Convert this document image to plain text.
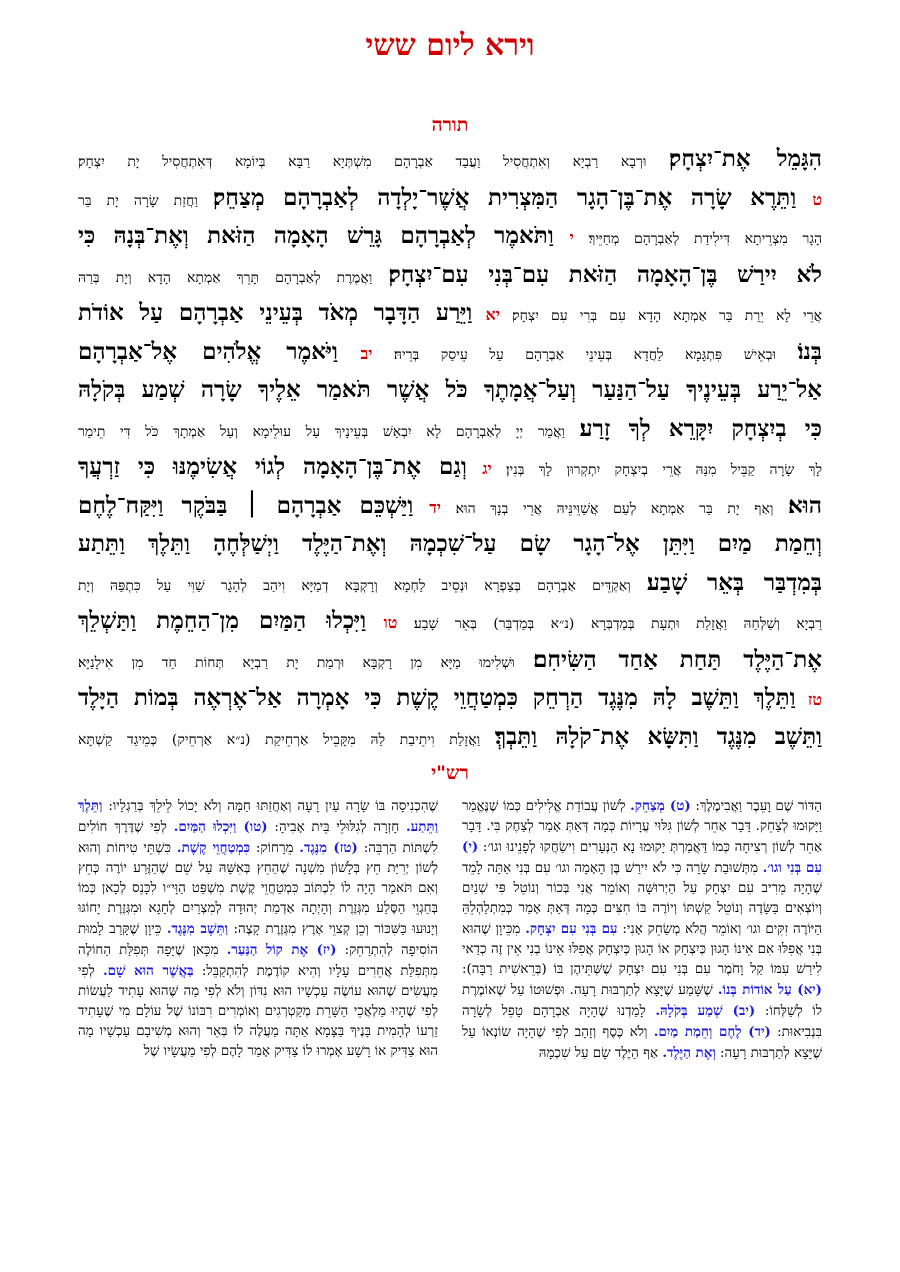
וירא ליום ששי
תורה
הִגָּמֵל אֶת־יִצְחָק׃ וּרְבָא רַבְיָא וְאִתְחֲסִיל וַעֲבַד אַבְרָהָם מִשְׁתְּיָא רַבָּא בְּיוֹמָא דְּאִתְחֲסִיל יָת יִצְחָק׃
ט וַתֵּרֶא שָׂרָה אֶת־בֶּן־הָגָר הַמִּצְרִית אֲשֶׁר־יָלְדָה לְאַבְרָהָם מְצַחֵק׃ וַחֲזַת שָׂרָה יָת בַּר
הָגָר מִצְרֵיתָא דִּילִידַת לְאַבְרָהָם מְחַיֵּיךְ׃ י וַתֹּאמֶר לְאַבְרָהָם גָּרֵשׁ הָאָמָה הַזֹּאת וְאֶת־בְּנָהּ כִּי
לֹא יִירַשׁ בֶּן־הָאָמָה הַזֹּאת עִם־בְּנִי עִם־יִצְחָק׃ וַאֲמֶרֶת לְאַבְרָהָם תָּרֵךְ אַמְתָא הָדָא וְיָת בְּרַהּ
אֲרֵי לָא יֵרַת בַּר אַמְתָא הָדָא עִם בְּרִי עִם יִצְחָק׃ יא וַיֵּרַע הַדָּבָר מְאֹד בְּעֵינֵי אַבְרָהָם עַל אוֹדֹת
בְּנוֹ׃ וּבְאֵישׁ פִּתְגָּמָא לַחֲדָא בְּעֵינֵי אַבְרָהָם עַל עֵיסַק בְּרֵיהּ׃ יב וַיֹּאמֶר אֱלֹהִים אֶל־אַבְרָהָם
אַל־יֵרַע בְּעֵינֶיךָ עַל־הַנַּעַר וְעַל־אֲמָתֶךָ כֹּל אֲשֶׁר תֹּאמַר אֵלֶיךָ שָׂרָה שְׁמַע בְּקֹלָהּ
כִּי בְיִצְחָק יִקָּרֵא לְךָ זָרַע׃ וַאֲמַר יְיָ לְאַבְרָהָם לָא יִבְאַשׁ בְּעֵינָיךְ עַל עוּלֵימָא וְעַל אַמְתָךְ כֹּל דִּי תֵימַר
לָךְ שָׂרָה קַבֵּיל מִנַּהּ אֲרֵי בְיִצְחָק יִתְקְרוּן לָךְ בְּנִין׃ יג וְגַם אֶת־בֶּן־הָאָמָה לְגוֹי אֲשִׂימֶנּוּ כִּי זַרְעֲךָ
הוּא׃ וְאַף יָת בַּר אַמְתָא לְעַם אֲשַׁוֵּינֵּיהּ אֲרֵי בְנָךְ הוּא׃ יד וַיַּשְׁכֵּם אַבְרָהָם ׀ בַּבֹּקֶר וַיִּקַּח־לֶחֶם
וְחֵמַת מַיִם וַיִּתֵּן אֶל־הָגָר שָׂם עַל־שִׁכְמָהּ וְאֶת־הַיֶּלֶד וַיְשַׁלְּחֶהָ וַתֵּלֶךְ וַתֵּתַע
בְּמִדְבַּר בְּאֵר שָׁבַע׃ וְאַקְדֵּים אַבְרָהָם בְּצַפְרָא וּנְסֵיב לַחְמָא וְרָקְבָּא דְמַיָּא וִיהַב לְהָגָר שַׁוִּי עַל כִּתְפַּהּ וְיָת
רַבְיָא וְשַׁלְּחַהּ וַאֲזָלַת וּתְעָת בְּמַדְבְּרָא (נ״א בְּמַדְבַּר) בְּאֵר שָׁבַע׃ טו וַיִּכְלוּ הַמַּיִם מִן־הַחֵמֶת וַתַּשְׁלֵךְ
אֶת־הַיֶּלֶד תַּחַת אַחַד הַשִּׂיחִם׃ וּשְׁלִימוּ מַיָּא מִן רָקְבָּא וּרְמַת יָת רַבְיָא תְּחוֹת חַד מִן אִילָנַיָּא׃
טז וַתֵּלֶךְ וַתֵּשֶׁב לָהּ מִנֶּגֶד הַרְחֵק כִּמְטַחֲוֵי קֶשֶׁת כִּי אָמְרָה אַל־אֶרְאֶה בְּמוֹת הַיָּלֶד
וַתֵּשֶׁב מִנֶּגֶד וַתִּשָּׂא אֶת־קֹלָהּ וַתֵּבְךְּ׃ וַאֲזָלַת וִיתֵיבַת לַהּ מִקָּבֵיל אַרְחֵיקַת (נ״א אַרְחֵיק) כְּמֵיגַד קַשְׁתָּא
רש"י
הַדּוֹר שֶׁם וָעֵבֶר וַאֲבִימֶלֶךְ: (ט) מְצַחֵק. לְשׁוֹן עֲבוֹדַת אֱלִילִים כְּמוֹ שֶׁנֶּאֱמַר וַיָּקוּמוּ לְצַחֵק. דָּבָר אַחֵר לְשׁוֹן גִּלּוּי עֲרָיוֹת כְּמָה דְּאַתְּ אָמַר לְצַחֶק בִּי. דָּבָר אַחֵר לְשׁוֹן רְצִיחָה כְּמוֹ דַּאֲמַרְתְּ יָקוּמוּ נָא הַנְּעָרִים וִישַׂחֲקוּ לְפָנֵינוּ וגו׳: (י) עִם בְּנִי וגו׳. מִתְּשׁוּבַת שָׂרָה כִּי לֹא יִירַשׁ בֶּן הָאָמָה וגו׳ עִם בְּנִי אַתָּה לָמֵד שֶׁהָיָה מֵרִיב עִם יִצְחָק עַל הַיְרוּשָּׁה וְאוֹמֵר אֲנִי בְּכוֹר וְנוֹטֵל פִּי שְׁנַיִם וְיוֹצְאִים בַּשָּׂדֶה וְנוֹטֵל קַשְׁתּוֹ וְיוֹרֶה בּוֹ חִצִּים כְּמָה דְּאַתְּ אָמַר כְּמִתְלַהְלֵהַּ הַיּוֹרֶה זִקִּים וגו׳ וְאוֹמֵר הֲלֹא מְשַׂחֵק אָנִי: עִם בְּנִי עִם יִצְחָק. מִכֵּיוָן שֶׁהוּא בְּנִי אֲפִלּוּ אִם אֵינוֹ הָגוּן כְּיִצְחָק אוֹ הָגוּן כְּיִצְחָק אֲפִלּוּ אֵינוֹ בְנִי אֵין זֶה כְדַאי לִירַשׁ עִמּוֹ קַל וָחֹמֶר עִם בְּנִי עִם יִצְחָק שֶׁשְּׁתֵּיהֶן בּוֹ (בְּרֵאשִׁית רַבָּה): (יא) עַל אוֹדוֹת בְּנוֹ. שֶׁשָּׁמַע שֶׁיָּצָא לְתַרְבּוּת רָעָה. וּפְשׁוּטוֹ עַל שֶׁאוֹמֶרֶת לוֹ לְשַׁלְּחוֹ: (יב) שְׁמַע בְּקֹלָהּ. לָמַדְנוּ שֶׁהָיָה אַבְרָהָם טָפֵל לְשָׂרָה בִּנְבִיאוּת: (יד) לֶחֶם וְחֵמַת מַיִם. וְלֹא כֶּסֶף וְזָהָב לְפִי שֶׁהָיָה שׂוֹנְאוֹ עַל שֶׁיָּצָא לְתַרְבּוּת רָעָה: וְאֶת הַיֶּלֶד. אַף הַיֶּלֶד שָׂם עַל שִׁכְמָהּ
שֶׁהִכְנִיסָה בּוֹ שָׂרָה עַיִן רָעָה וְאַחֲזַתּוּ חַמָּה וְלֹא יָכוֹל לֵילֵךְ בְּרַגְלָיו: וַתֵּלֶךְ וַתֵּתַע. חָזְרָה לְגִלּוּלֵי בֵּית אָבִיהָ: (טו) וַיִּכְלוּ הַמַּיִם. לְפִי שֶׁדֶּרֶךְ חוֹלִים לִשְׁתּוֹת הַרְבֵּה: (טז) מִנֶּגֶד. מֵרָחוֹק: כִּמְטַחֲוֵי קֶשֶׁת. כִּשְׁתֵּי טִיחוֹת וְהוּא לְשׁוֹן יְרִיַּת חֵץ בְּלָשׁוֹן מִשְׁנָה שֶׁהַחֵץ בְּאִשָּׁהּ עַל שֵׁם שֶׁהַזֶּרַע יוֹרֶה כְּחֵץ וְאִם תֹּאמַר הָיָה לוֹ לִכְתּוֹב כִּמְטַחֲוֵי קֶשֶׁת מִשְׁפַּט הַוָּי״ו לִכָּנֵס לְכָאן כְּמוֹ בְּחַגְוֵי הַסֶּלַע מִגְּזֶרֶת וְהָיְתָה אַדְמַת יְהוּדָה לְמִצְרַיִם לְחָגָא וּמִגְּזֶרֶת יָחוֹגּוּ וְיָנוּעוּ כַּשִּׁכּוֹר וְכֵן קְצוֵי אֶרֶץ מִגְּזֶרֶת קָצֶה: וַתֵּשֶׁב מִנֶּגֶד. כֵּיוָן שֶׁקָּרַב לָמוּת הוֹסִיפָה לְהִתְרַחֵק: (יז) אֶת קוֹל הַנַּעַר. מִכָּאן שֶׁיָּפָה תְּפִלַּת הַחוֹלֶה מִתְּפִלַּת אֲחֵרִים עָלָיו וְהִיא קוֹדֶמֶת לְהִתְקַבֵּל: בַּאֲשֶׁר הוּא שָׁם. לְפִי מַעֲשִׂים שֶׁהוּא עוֹשֶׂה עַכְשָׁיו הוּא נִדּוֹן וְלֹא לְפִי מַה שֶּׁהוּא עָתִיד לַעֲשׂוֹת לְפִי שֶׁהָיוּ מַלְאֲכֵי הַשָּׁרֵת מְקַטְרְגִים וְאוֹמְרִים רִבּוֹנוֹ שֶׁל עוֹלָם מִי שֶׁעָתִיד זַרְעוֹ לְהָמִית בָּנֶיךָ בַּצָּמָא אַתָּה מַעֲלֶה לוֹ בְּאֵר וְהוּא מְשִׁיבָם עַכְשָׁיו מָה הוּא צַדִּיק אוֹ רָשָׁע אָמְרוּ לוֹ צַדִּיק אָמַר לָהֶם לְפִי מַעֲשָׂיו שֶׁל
